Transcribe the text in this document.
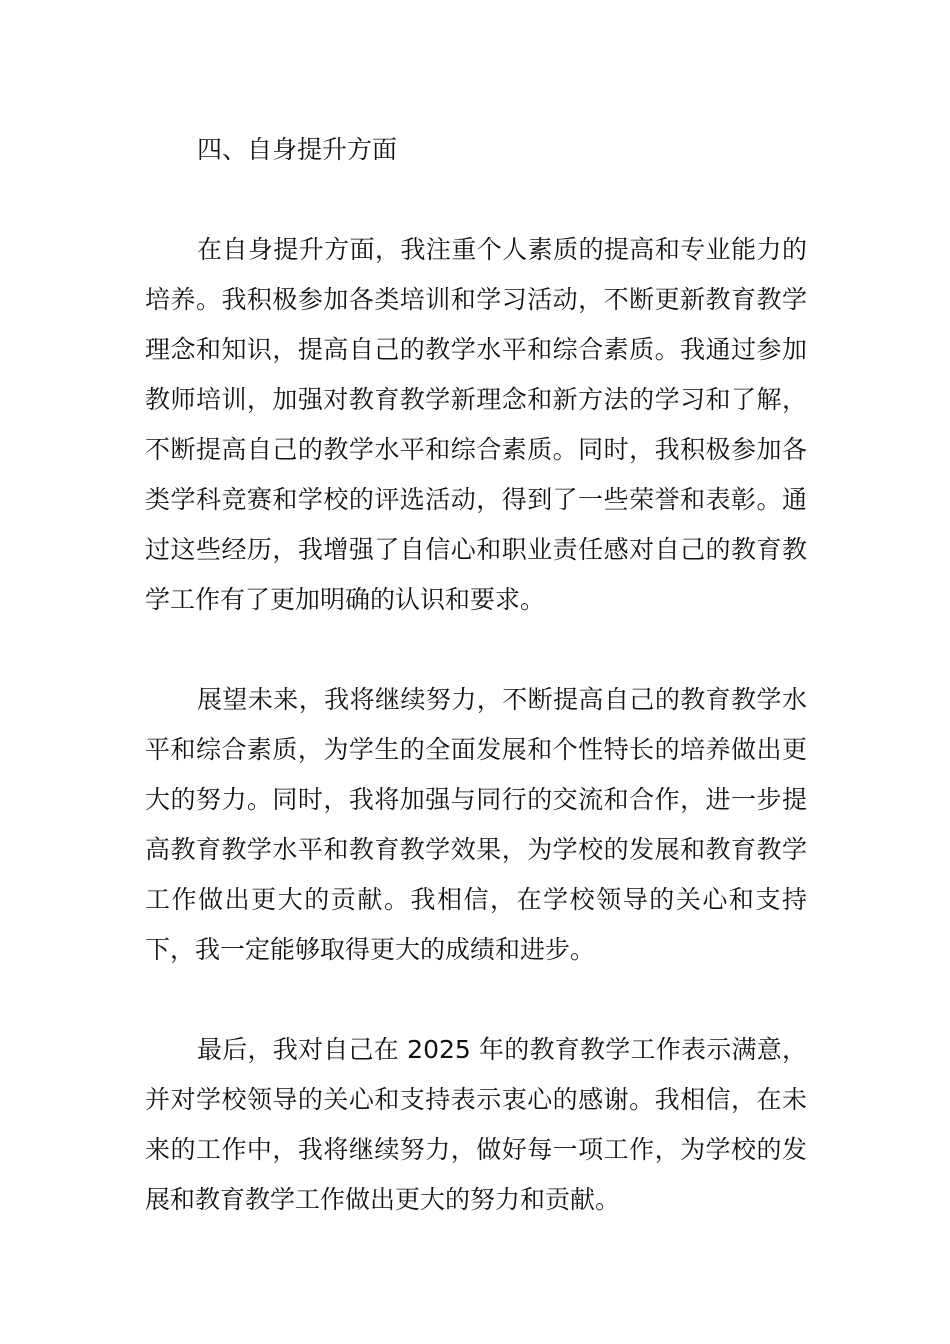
四、自身提升方面

在自身提升方面，我注重个人素质的提高和专业能力的培养。我积极参加各类培训和学习活动，不断更新教育教学理念和知识，提高自己的教学水平和综合素质。我通过参加教师培训，加强对教育教学新理念和新方法的学习和了解，不断提高自己的教学水平和综合素质。同时，我积极参加各类学科竞赛和学校的评选活动，得到了一些荣誉和表彰。通过这些经历，我增强了自信心和职业责任感对自己的教育教学工作有了更加明确的认识和要求。

展望未来，我将继续努力，不断提高自己的教育教学水平和综合素质，为学生的全面发展和个性特长的培养做出更大的努力。同时，我将加强与同行的交流和合作，进一步提高教育教学水平和教育教学效果，为学校的发展和教育教学工作做出更大的贡献。我相信，在学校领导的关心和支持下，我一定能够取得更大的成绩和进步。

最后，我对自己在 2025 年的教育教学工作表示满意，并对学校领导的关心和支持表示衷心的感谢。我相信，在未来的工作中，我将继续努力，做好每一项工作，为学校的发展和教育教学工作做出更大的努力和贡献。
